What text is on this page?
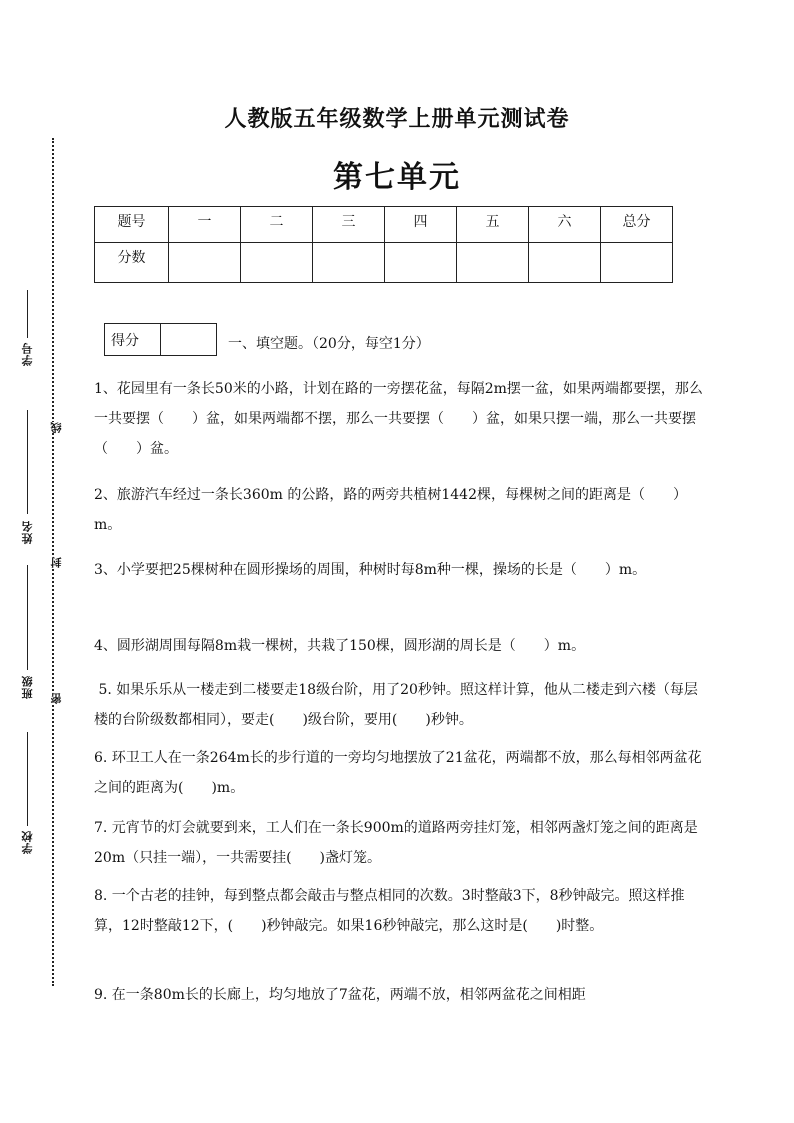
学号
姓名
班级
学校
线
封
密
人教版五年级数学上册单元测试卷
第七单元
题号	一	二	三	四	五	六	总分
分数							
得分		一、填空题。（20分，每空1分）
1、花园里有一条长50米的小路，计划在路的一旁摆花盆，每隔2m摆一盆，如果两端都要摆，那么一共要摆（　　）盆，如果两端都不摆，那么一共要摆（　　）盆，如果只摆一端，那么一共要摆（　　）盆。
2、旅游汽车经过一条长360m 的公路，路的两旁共植树1442棵，每棵树之间的距离是（　　）m。
3、小学要把25棵树种在圆形操场的周围，种树时每8m种一棵，操场的长是（　　）m。
4、圆形湖周围每隔8m栽一棵树，共栽了150棵，圆形湖的周长是（　　）m。
5. 如果乐乐从一楼走到二楼要走18级台阶，用了20秒钟。照这样计算，他从二楼走到六楼（每层楼的台阶级数都相同），要走(　　)级台阶，要用(　　)秒钟。
6. 环卫工人在一条264m长的步行道的一旁均匀地摆放了21盆花，两端都不放，那么每相邻两盆花之间的距离为(　　)m。
7. 元宵节的灯会就要到来，工人们在一条长900m的道路两旁挂灯笼，相邻两盏灯笼之间的距离是20m（只挂一端），一共需要挂(　　)盏灯笼。
8. 一个古老的挂钟，每到整点都会敲击与整点相同的次数。3时整敲3下，8秒钟敲完。照这样推算，12时整敲12下，(　　)秒钟敲完。如果16秒钟敲完，那么这时是(　　)时整。
9. 在一条80m长的长廊上，均匀地放了7盆花，两端不放，相邻两盆花之间相距
